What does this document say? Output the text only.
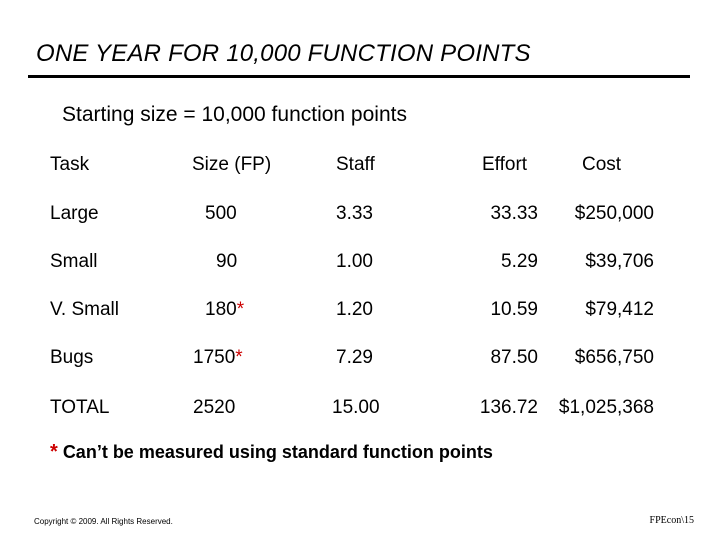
ONE YEAR FOR 10,000 FUNCTION POINTS
Starting size = 10,000 function points
Task	Size (FP)	Staff	Effort	Cost
Large	500	3.33	33.33 $250,000
Small	90	1.00	5.29 $39,706
V. Small	180*	1.20	10.59 $79,412
Bugs	1750*	7.29	87.50 $656,750
TOTAL	2520	15.00	136.72 $1,025,368
* Can’t be measured using standard function points
Copyright © 2009. All Rights Reserved.	FPEcon\15
